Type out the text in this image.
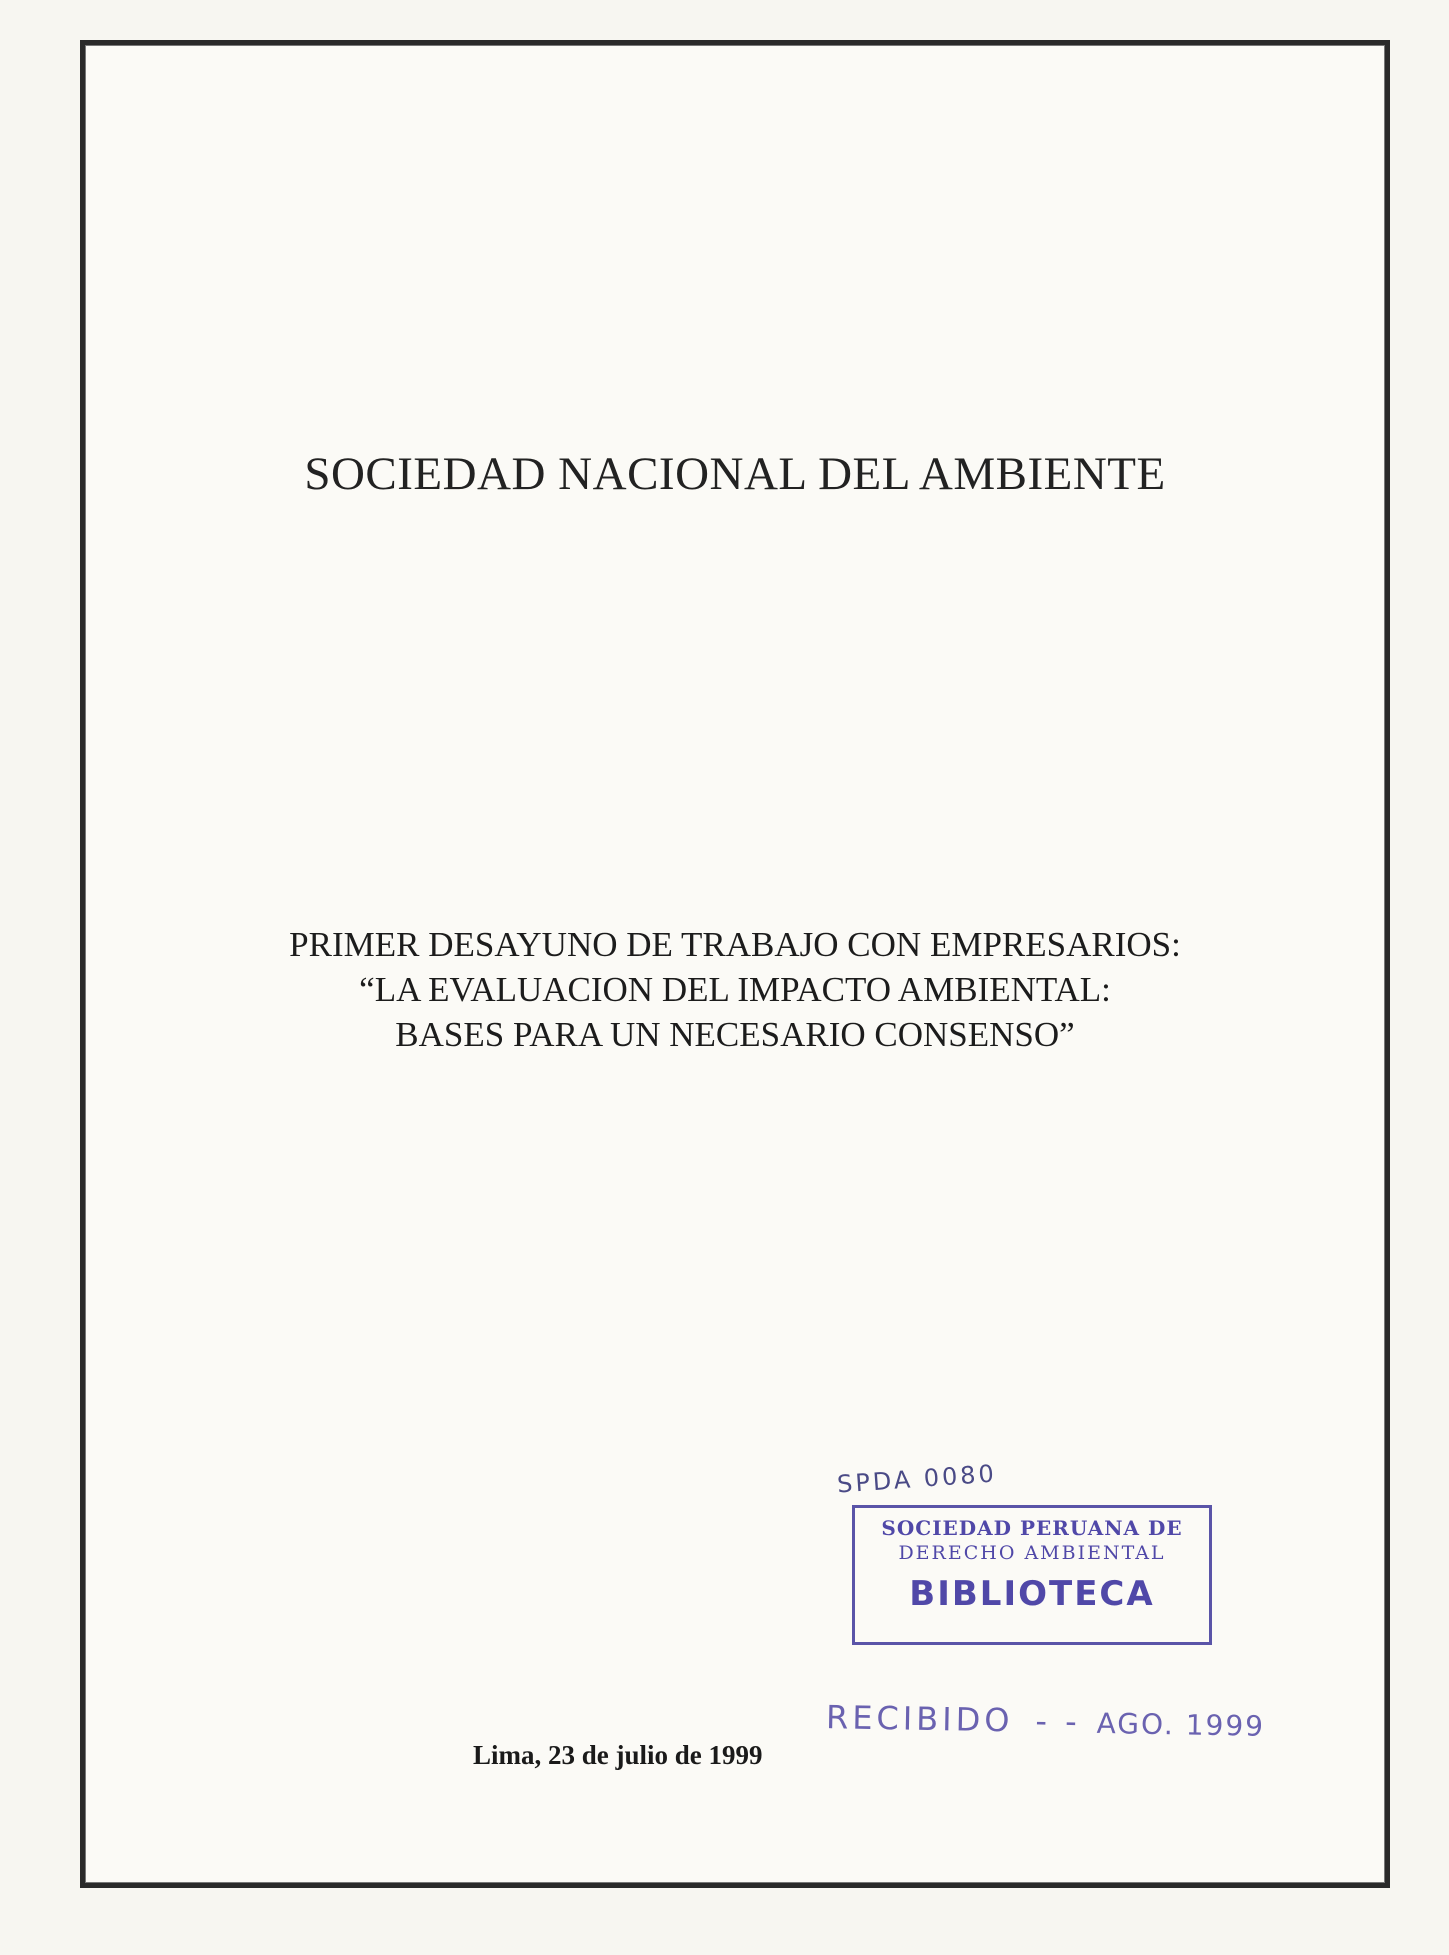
SOCIEDAD NACIONAL DEL AMBIENTE
PRIMER DESAYUNO DE TRABAJO CON EMPRESARIOS:
“LA EVALUACION DEL IMPACTO AMBIENTAL:
BASES PARA UN NECESARIO CONSENSO”
SPDA 0080
SOCIEDAD PERUANA DE
DERECHO AMBIENTAL
BIBLIOTECA
RECIBIDO - - AGO. 1999
Lima, 23 de julio de 1999
